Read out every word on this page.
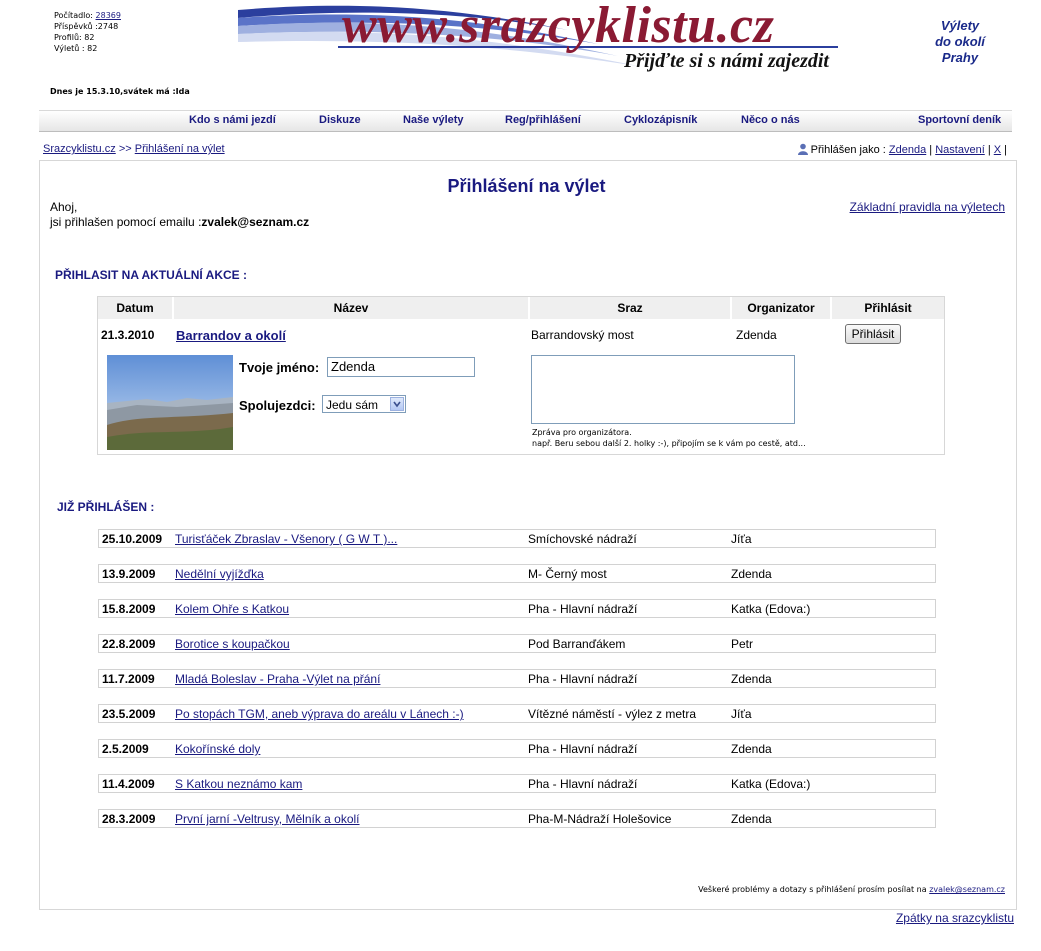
Počítadlo: 28369
Příspěvků :2748
Profilů: 82
Výletů : 82
Dnes je 15.3.10,svátek má :Ida
www.srazcyklistu.cz
Přijďte si s námi zajezdit
Výlety
do okolí
Prahy
Kdo s námi jezdí	Diskuze	Naše výlety	Reg/přihlášení	Cyklozápisník	Něco o nás	Sportovní deník
Srazcyklistu.cz >> Přihlášení na výlet	Přihlášen jako : Zdenda | Nastavení | X |
Přihlášení na výlet
Ahoj,
jsi přihlašen pomocí emailu :zvalek@seznam.cz
Základní pravidla na výletech
PŘIHLASIT NA AKTUÁLNÍ AKCE :
Datum	Název	Sraz	Organizator	Přihlásit
21.3.2010 Barrandov a okolí	Barrandovský most	Zdenda	Přihlásit
Tvoje jméno: Zdenda
Spolujezdci: Jedu sám
Zpráva pro organizátora.
např. Beru sebou další 2. holky :-), připojím se k vám po cestě, atd...
JIŽ PŘIHLÁŠEN :
25.10.2009 Turisťáček Zbraslav - Všenory ( G W T )...	Smíchovské nádraží	Jíťa
13.9.2009 Nedělní vyjížďka	M- Černý most	Zdenda
15.8.2009 Kolem Ohře s Katkou	Pha - Hlavní nádraží	Katka (Edova:)
22.8.2009 Borotice s koupačkou	Pod Barranďákem	Petr
11.7.2009 Mladá Boleslav - Praha -Výlet na přání	Pha - Hlavní nádraží	Zdenda
23.5.2009 Po stopách TGM, aneb výprava do areálu v Lánech :-)	Vítězné náměstí - výlez z metra	Jíťa
2.5.2009 Kokořínské doly	Pha - Hlavní nádraží	Zdenda
11.4.2009 S Katkou neznámo kam	Pha - Hlavní nádraží	Katka (Edova:)
28.3.2009 První jarní -Veltrusy, Mělník a okolí	Pha-M-Nádraží Holešovice	Zdenda
Veškeré problémy a dotazy s přihlášení prosím posílat na zvalek@seznam.cz
Zpátky na srazcyklistu
